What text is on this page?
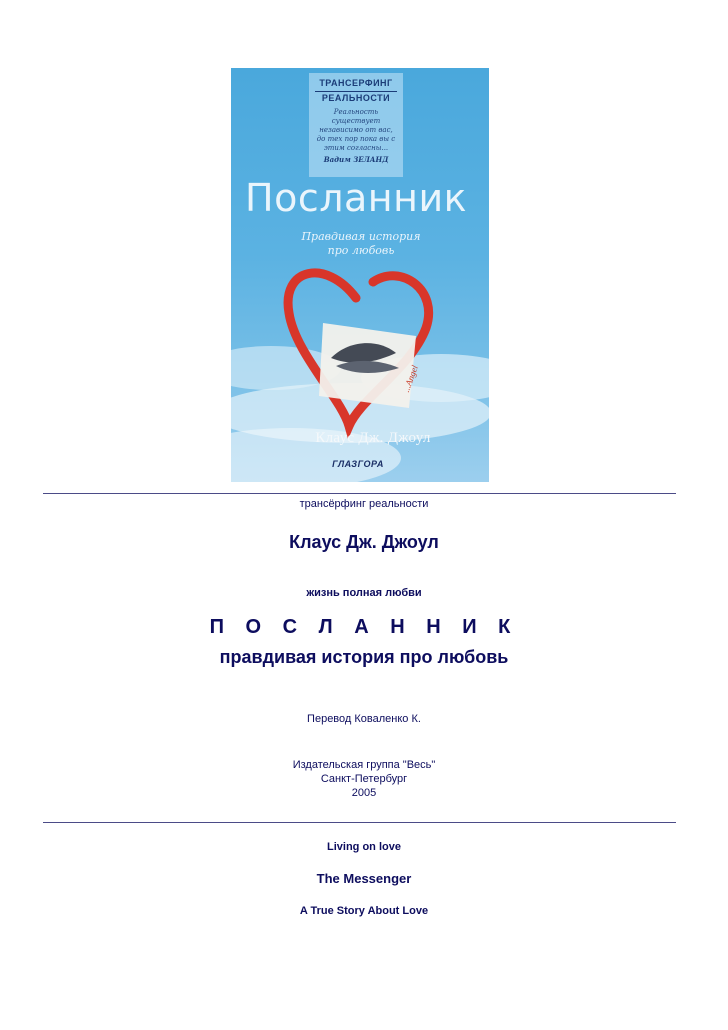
ТРАНСЕРФИНГ
РЕАЛЬНОСТИ
Реальность существует независимо от вас, до тех пор пока вы с этим согласны...
Вадим ЗЕЛАНД
Посланник
Правдивая история про любовь
...Angel
Клаус Дж. Джоул
ГЛАЗГОРА
трансёрфинг реальности
Клаус Дж. Джоул
жизнь полная любви
П О С Л А Н Н И К
правдивая история про любовь
Перевод Коваленко К.
Издательская группа "Весь"
Санкт-Петербург
2005
Living on love
The Messenger
A True Story About Love
